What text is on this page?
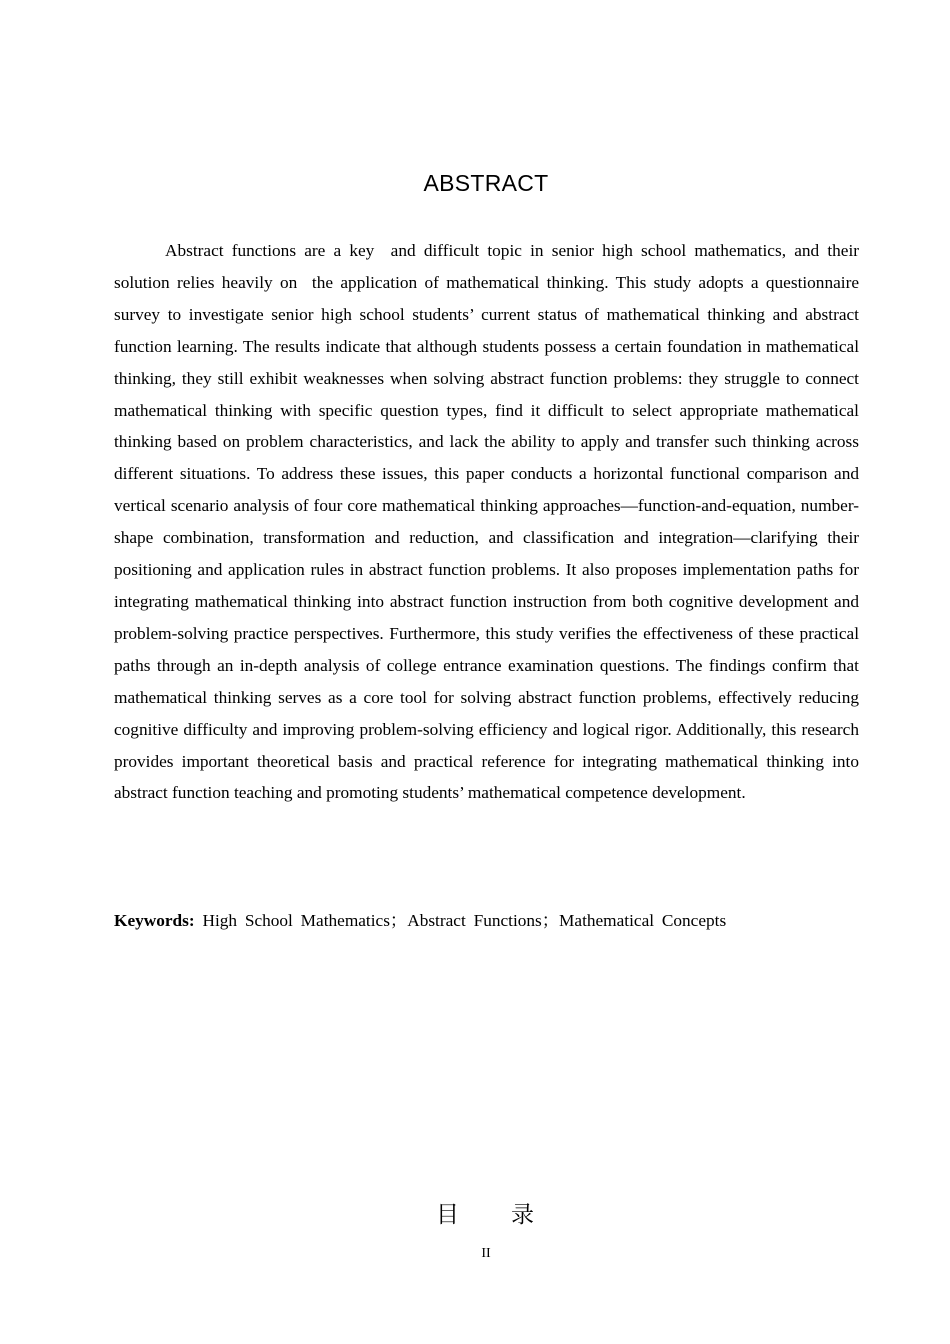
ABSTRACT

Abstract functions are a key  and difficult topic in senior high school mathematics, and their solution relies heavily on  the application of mathematical thinking. This study adopts a questionnaire survey to investigate senior high school students’ current status of mathematical thinking and abstract function learning. The results indicate that although students possess a certain foundation in mathematical thinking, they still exhibit weaknesses when solving abstract function problems: they struggle to connect mathematical thinking with specific question types, find it difficult to select appropriate mathematical thinking based on problem characteristics, and lack the ability to apply and transfer such thinking across different situations. To address these issues, this paper conducts a horizontal functional comparison and vertical scenario analysis of four core mathematical thinking approaches—function-and-equation, number-shape combination, transformation and reduction, and classification and integration—clarifying their positioning and application rules in abstract function problems. It also proposes implementation paths for integrating mathematical thinking into abstract function instruction from both cognitive development and problem-solving practice perspectives. Furthermore, this study verifies the effectiveness of these practical paths through an in-depth analysis of college entrance examination questions. The findings confirm that mathematical thinking serves as a core tool for solving abstract function problems, effectively reducing cognitive difficulty and improving problem-solving efficiency and logical rigor. Additionally, this research provides important theoretical basis and practical reference for integrating mathematical thinking into abstract function teaching and promoting students’ mathematical competence development.

Keywords: High School Mathematics；Abstract Functions；Mathematical Concepts

目　　录
II
